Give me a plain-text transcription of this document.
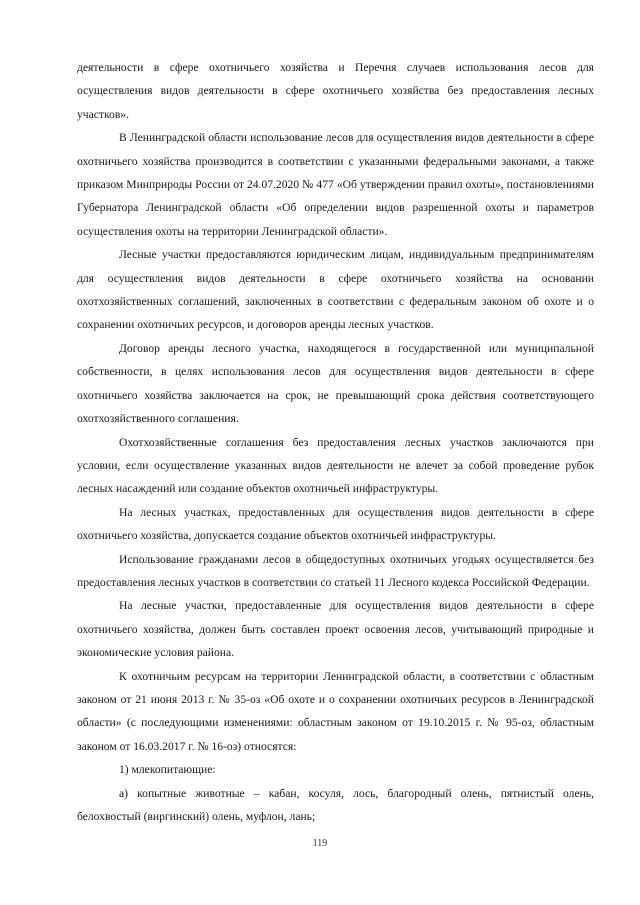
деятельности в сфере охотничьего хозяйства и Перечня случаев использования лесов для осуществления видов деятельности в сфере охотничьего хозяйства без предоставления лесных участков».

В Ленинградской области использование лесов для осуществления видов деятельности в сфере охотничьего хозяйства производится в соответствии с указанными федеральными законами, а также приказом Минприроды России от 24.07.2020 № 477 «Об утверждении правил охоты», постановлениями Губернатора Ленинградской области «Об определении видов разрешенной охоты и параметров осуществления охоты на территории Ленинградской области».

Лесные участки предоставляются юридическим лицам, индивидуальным предпринимателям для осуществления видов деятельности в сфере охотничьего хозяйства на основании охотхозяйственных соглашений, заключенных в соответствии с федеральным законом об охоте и о сохранении охотничьих ресурсов, и договоров аренды лесных участков.

Договор аренды лесного участка, находящегося в государственной или муниципальной собственности, в целях использования лесов для осуществления видов деятельности в сфере охотничьего хозяйства заключается на срок, не превышающий срока действия соответствующего охотхозяйственного соглашения.

Охотхозяйственные соглашения без предоставления лесных участков заключаются при условии, если осуществление указанных видов деятельности не влечет за собой проведение рубок лесных насаждений или создание объектов охотничьей инфраструктуры.

На лесных участках, предоставленных для осуществления видов деятельности в сфере охотничьего хозяйства, допускается создание объектов охотничьей инфраструктуры.

Использование гражданами лесов в общедоступных охотничьих угодьях осуществляется без предоставления лесных участков в соответствии со статьей 11 Лесного кодекса Российской Федерации.

На лесные участки, предоставленные для осуществления видов деятельности в сфере охотничьего хозяйства, должен быть составлен проект освоения лесов, учитывающий природные и экономические условия района.

К охотничьим ресурсам на территории Ленинградской области, в соответствии с областным законом от 21 июня 2013 г. № 35-оз «Об охоте и о сохранении охотничьих ресурсов в Ленинградской области» (с последующими изменениями: областным законом от 19.10.2015 г. № 95-оз, областным законом от 16.03.2017 г. № 16-оз) относятся:

1) млекопитающие:

а) копытные животные – кабан, косуля, лось, благородный олень, пятнистый олень, белохвостый (виргинский) олень, муфлон, лань;

119
